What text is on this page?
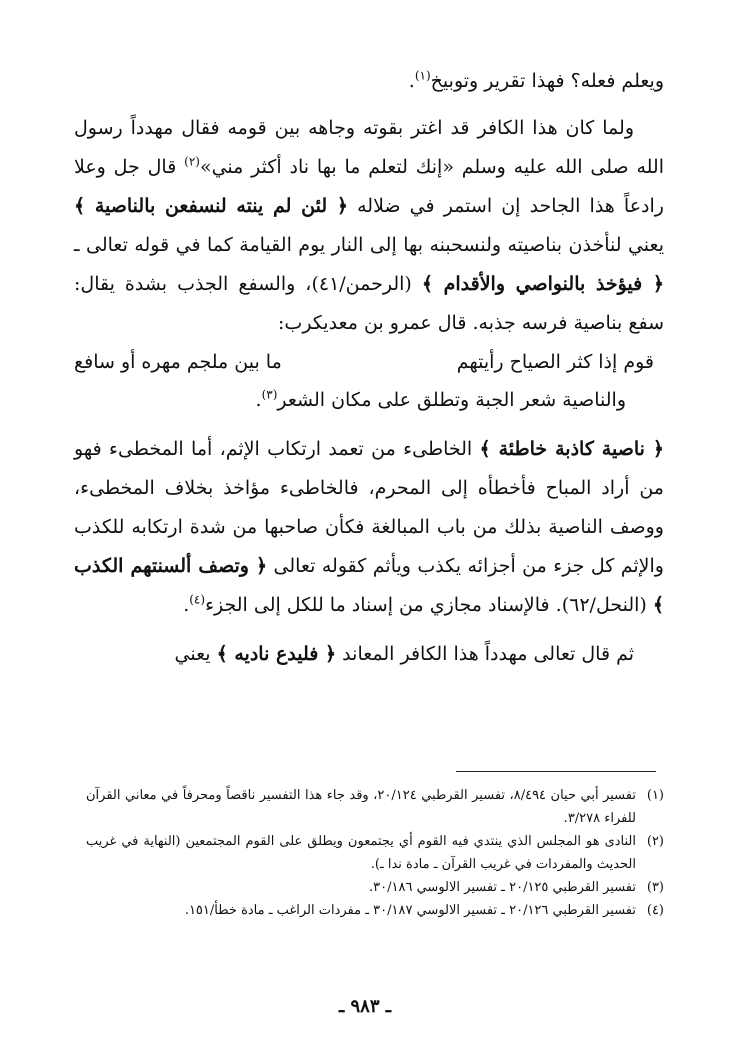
ويعلم فعله؟ فهذا تقرير وتوبيخ$^{(١)}$.

ولما كان هذا الكافر قد اغتر بقوته وجاهه بين قومه فقال مهدداً رسول الله صلى الله عليه وسلم «إنك لتعلم ما بها ناد أكثر مني»$^{(٢)}$ قال جل وعلا رادعاً هذا الجاحد إن استمر في ضلاله ﴿ لئن لم ينته لنسفعن بالناصية ﴾ يعني لنأخذن بناصيته ولنسحبنه بها إلى النار يوم القيامة كما في قوله تعالى ـ ﴿ فيؤخذ بالنواصي والأقدام ﴾ (الرحمن/٤١)، والسفع الجذب بشدة يقال: سفع بناصية فرسه جذبه. قال عمرو بن معديكرب:

قوم إذا كثر الصياح رأيتهم
ما بين ملجم مهره أو سافع

والناصية شعر الجبة وتطلق على مكان الشعر$^{(٣)}$.

﴿ ناصية كاذبة خاطئة ﴾ الخاطىء من تعمد ارتكاب الإثم، أما المخطىء فهو من أراد المباح فأخطأه إلى المحرم، فالخاطىء مؤاخذ بخلاف المخطىء، ووصف الناصية بذلك من باب المبالغة فكأن صاحبها من شدة ارتكابه للكذب والإثم كل جزء من أجزائه يكذب ويأثم كقوله تعالى ﴿ وتصف ألسنتهم الكذب ﴾ (النحل/٦٢). فالإسناد مجازي من إسناد ما للكل إلى الجزء$^{(٤)}$.

ثم قال تعالى مهدداً هذا الكافر المعاند ﴿ فليدع ناديه ﴾ يعني

(١)
تفسير أبي حيان ٨/٤٩٤، تفسير القرطبي ٢٠/١٢٤، وقد جاء هذا التفسير ناقصاً ومحرفاً في معاني القرآن للفراء ٣/٢٧٨.
(٢)
النادى هو المجلس الذي ينتدي فيه القوم أي يجتمعون ويطلق على القوم المجتمعين (النهاية في غريب الحديث والمفردات في غريب القرآن ـ مادة ندا ـ).
(٣)
تفسير القرطبي ٢٠/١٢٥ ـ تفسير الالوسي ٣٠/١٨٦.
(٤)
تفسير القرطبي ٢٠/١٢٦ ـ تفسير الالوسي ٣٠/١٨٧ ـ مفردات الراغب ـ مادة خطأ/١٥١.
ـ ٩٨٣ ـ
